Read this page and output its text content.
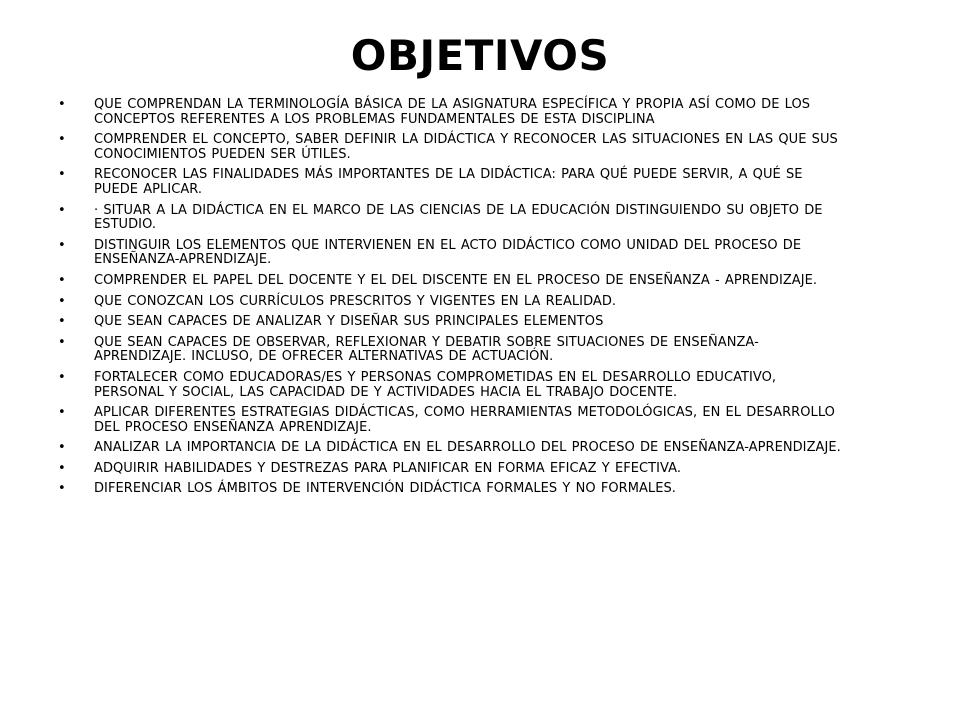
OBJETIVOS
• QUE COMPRENDAN LA TERMINOLOGÍA BÁSICA DE LA ASIGNATURA ESPECÍFICA Y PROPIA ASÍ COMO DE LOS CONCEPTOS REFERENTES A LOS PROBLEMAS FUNDAMENTALES DE ESTA DISCIPLINA
• COMPRENDER EL CONCEPTO, SABER DEFINIR LA DIDÁCTICA Y RECONOCER LAS SITUACIONES EN LAS QUE SUS CONOCIMIENTOS PUEDEN SER ÚTILES.
• RECONOCER LAS FINALIDADES MÁS IMPORTANTES DE LA DIDÁCTICA: PARA QUÉ PUEDE SERVIR, A QUÉ SE PUEDE APLICAR.
• · SITUAR A LA DIDÁCTICA EN EL MARCO DE LAS CIENCIAS DE LA EDUCACIÓN DISTINGUIENDO SU OBJETO DE ESTUDIO.
• DISTINGUIR LOS ELEMENTOS QUE INTERVIENEN EN EL ACTO DIDÁCTICO COMO UNIDAD DEL PROCESO DE ENSEÑANZA-APRENDIZAJE.
• COMPRENDER EL PAPEL DEL DOCENTE Y EL DEL DISCENTE EN EL PROCESO DE ENSEÑANZA - APRENDIZAJE.
• QUE CONOZCAN LOS CURRÍCULOS PRESCRITOS Y VIGENTES EN LA REALIDAD.
• QUE SEAN CAPACES DE ANALIZAR Y DISEÑAR SUS PRINCIPALES ELEMENTOS
• QUE SEAN CAPACES DE OBSERVAR, REFLEXIONAR Y DEBATIR SOBRE SITUACIONES DE ENSEÑANZA-APRENDIZAJE. INCLUSO, DE OFRECER ALTERNATIVAS DE ACTUACIÓN.
• FORTALECER COMO EDUCADORAS/ES Y PERSONAS COMPROMETIDAS EN EL DESARROLLO EDUCATIVO, PERSONAL Y SOCIAL, LAS CAPACIDAD DE Y ACTIVIDADES HACIA EL TRABAJO DOCENTE.
• APLICAR DIFERENTES ESTRATEGIAS DIDÁCTICAS, COMO HERRAMIENTAS METODOLÓGICAS, EN EL DESARROLLO DEL PROCESO ENSEÑANZA APRENDIZAJE.
• ANALIZAR LA IMPORTANCIA DE LA DIDÁCTICA EN EL DESARROLLO DEL PROCESO DE ENSEÑANZA-APRENDIZAJE.
• ADQUIRIR HABILIDADES Y DESTREZAS PARA PLANIFICAR EN FORMA EFICAZ Y EFECTIVA.
• DIFERENCIAR LOS ÁMBITOS DE INTERVENCIÓN DIDÁCTICA FORMALES Y NO FORMALES.
